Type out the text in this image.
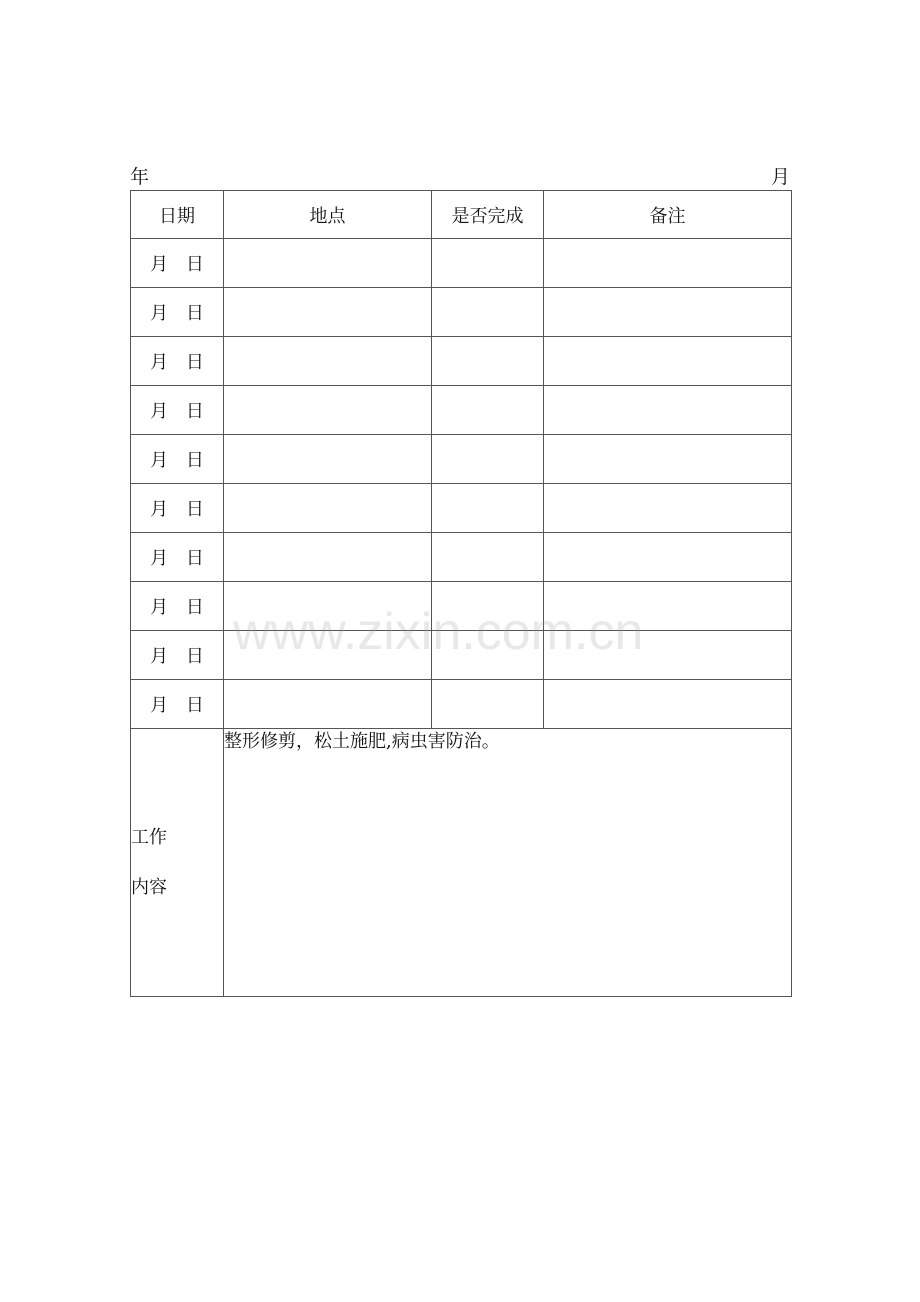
年	月
日期	地点	是否完成	备注
月 日			
月 日			
月 日			
月 日			
月 日			
月 日			
月 日			
月 日			
月 日			
月 日			

工作
内容	整形修剪，松土施肥,病虫害防治。		
www.zixin.com.cn
